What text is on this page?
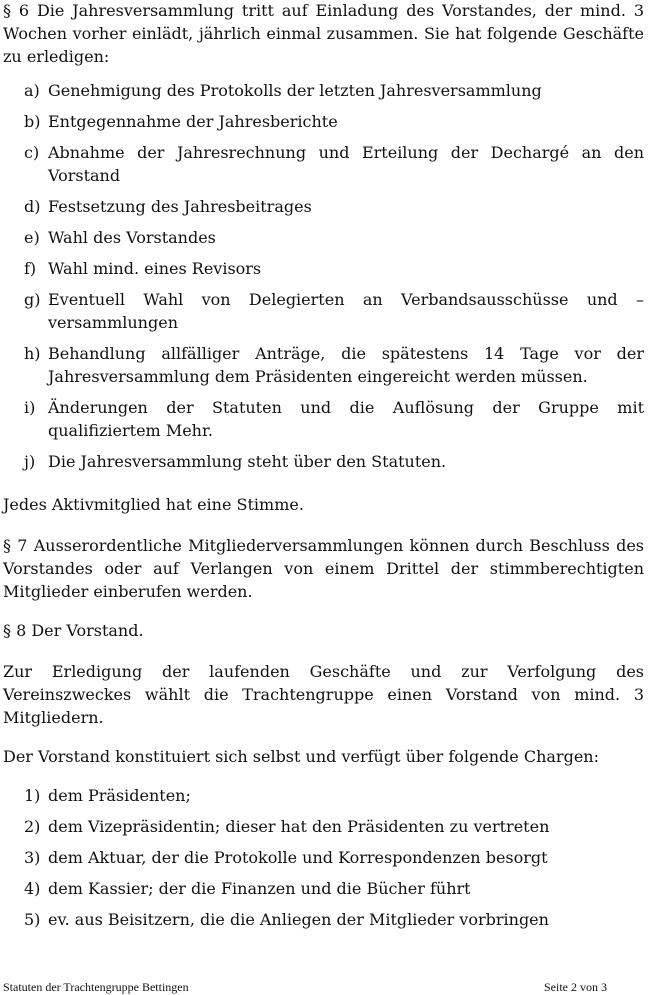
§ 6 Die Jahresversammlung tritt auf Einladung des Vorstandes, der mind. 3 Wochen vorher einlädt, jährlich einmal zusammen. Sie hat folgende Geschäfte zu erledigen:

a) Genehmigung des Protokolls der letzten Jahresversammlung
b) Entgegennahme der Jahresberichte
c) Abnahme der Jahresrechnung und Erteilung der Dechargé an den Vorstand
d) Festsetzung des Jahresbeitrages
e) Wahl des Vorstandes
f) Wahl mind. eines Revisors
g) Eventuell Wahl von Delegierten an Verbandsausschüsse und –versammlungen
h) Behandlung allfälliger Anträge, die spätestens 14 Tage vor der Jahresversammlung dem Präsidenten eingereicht werden müssen.
i) Änderungen der Statuten und die Auflösung der Gruppe mit qualifiziertem Mehr.
j) Die Jahresversammlung steht über den Statuten.

Jedes Aktivmitglied hat eine Stimme.

§ 7 Ausserordentliche Mitgliederversammlungen können durch Beschluss des Vorstandes oder auf Verlangen von einem Drittel der stimmberechtigten Mitglieder einberufen werden.

§ 8 Der Vorstand.

Zur Erledigung der laufenden Geschäfte und zur Verfolgung des Vereinszweckes wählt die Trachtengruppe einen Vorstand von mind. 3 Mitgliedern.

Der Vorstand konstituiert sich selbst und verfügt über folgende Chargen:

1) dem Präsidenten;
2) dem Vizepräsidentin; dieser hat den Präsidenten zu vertreten
3) dem Aktuar, der die Protokolle und Korrespondenzen besorgt
4) dem Kassier; der die Finanzen und die Bücher führt
5) ev. aus Beisitzern, die die Anliegen der Mitglieder vorbringen
Statuten der Trachtengruppe Bettingen	Seite 2 von 3
